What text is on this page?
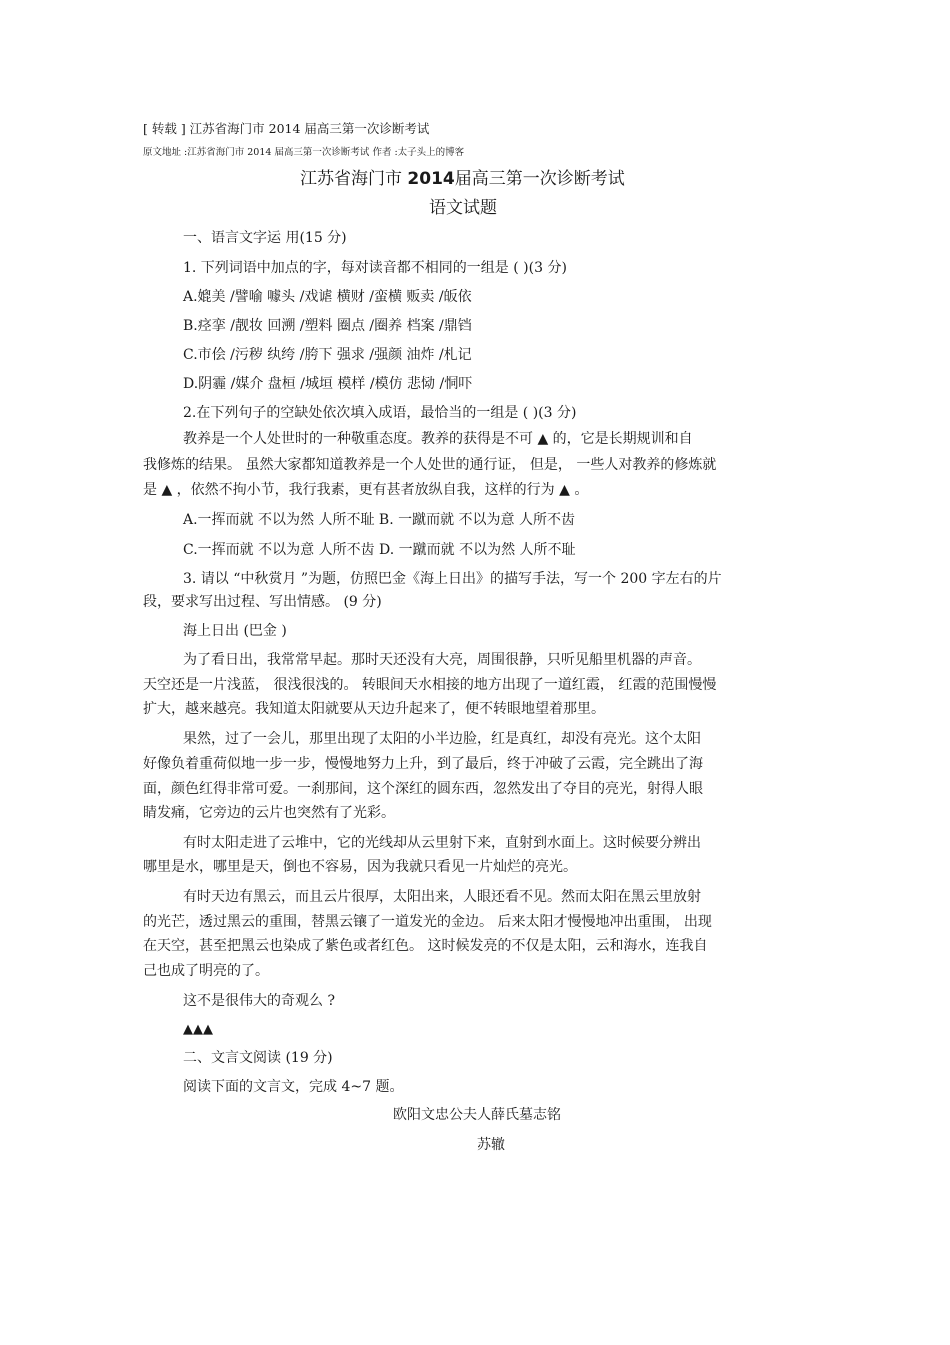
[ 转载 ] 江苏省海门市 2014 届高三第一次诊断考试
原文地址 :江苏省海门市 2014 届高三第一次诊断考试 作者 :太子头上的博客
江苏省海门市 2014届高三第一次诊断考试
语文试题
一、语言文字运 用(15 分)
1. 下列词语中加点的字，每对读音都不相同的一组是 ( )(3 分)
A.媲美 /譬喻 噱头 /戏谑 横财 /蛮横 贩卖 /皈依
B.痉挛 /靓妆 回溯 /塑料 圈点 /圈养 档案 /鼎铛
C.市侩 /污秽 纨绔 /胯下 强求 /强颜 油炸 /札记
D.阴霾 /媒介 盘桓 /城垣 模样 /模仿 悲恸 /恫吓
2.在下列句子的空缺处依次填入成语，最恰当的一组是 ( )(3 分)
教养是一个人处世时的一种敬重态度。教养的获得是不可 ▲ 的，它是长期规训和自
我修炼的结果。 虽然大家都知道教养是一个人处世的通行证， 但是， 一些人对教养的修炼就
是 ▲ ，依然不拘小节，我行我素，更有甚者放纵自我，这样的行为 ▲ 。
A.一挥而就 不以为然 人所不耻 B. 一蹴而就 不以为意 人所不齿
C.一挥而就 不以为意 人所不齿 D. 一蹴而就 不以为然 人所不耻
3. 请以 “中秋赏月 ”为题，仿照巴金《海上日出》的描写手法，写一个 200 字左右的片
段，要求写出过程、写出情感。 (9 分)
海上日出 (巴金 )
为了看日出，我常常早起。那时天还没有大亮，周围很静，只听见船里机器的声音。
天空还是一片浅蓝， 很浅很浅的。 转眼间天水相接的地方出现了一道红霞， 红霞的范围慢慢
扩大，越来越亮。我知道太阳就要从天边升起来了，便不转眼地望着那里。
果然，过了一会儿，那里出现了太阳的小半边脸，红是真红，却没有亮光。这个太阳
好像负着重荷似地一步一步，慢慢地努力上升，到了最后，终于冲破了云霞，完全跳出了海
面，颜色红得非常可爱。一刹那间，这个深红的圆东西，忽然发出了夺目的亮光，射得人眼
睛发痛，它旁边的云片也突然有了光彩。
有时太阳走进了云堆中，它的光线却从云里射下来，直射到水面上。这时候要分辨出
哪里是水，哪里是天，倒也不容易，因为我就只看见一片灿烂的亮光。
有时天边有黑云，而且云片很厚，太阳出来，人眼还看不见。然而太阳在黑云里放射
的光芒，透过黑云的重围，替黑云镶了一道发光的金边。 后来太阳才慢慢地冲出重围， 出现
在天空，甚至把黑云也染成了紫色或者红色。 这时候发亮的不仅是太阳，云和海水，连我自
己也成了明亮的了。
这不是很伟大的奇观么 ?
▲▲▲
二、文言文阅读 (19 分)
阅读下面的文言文，完成 4~7 题。
欧阳文忠公夫人薛氏墓志铭
苏辙
